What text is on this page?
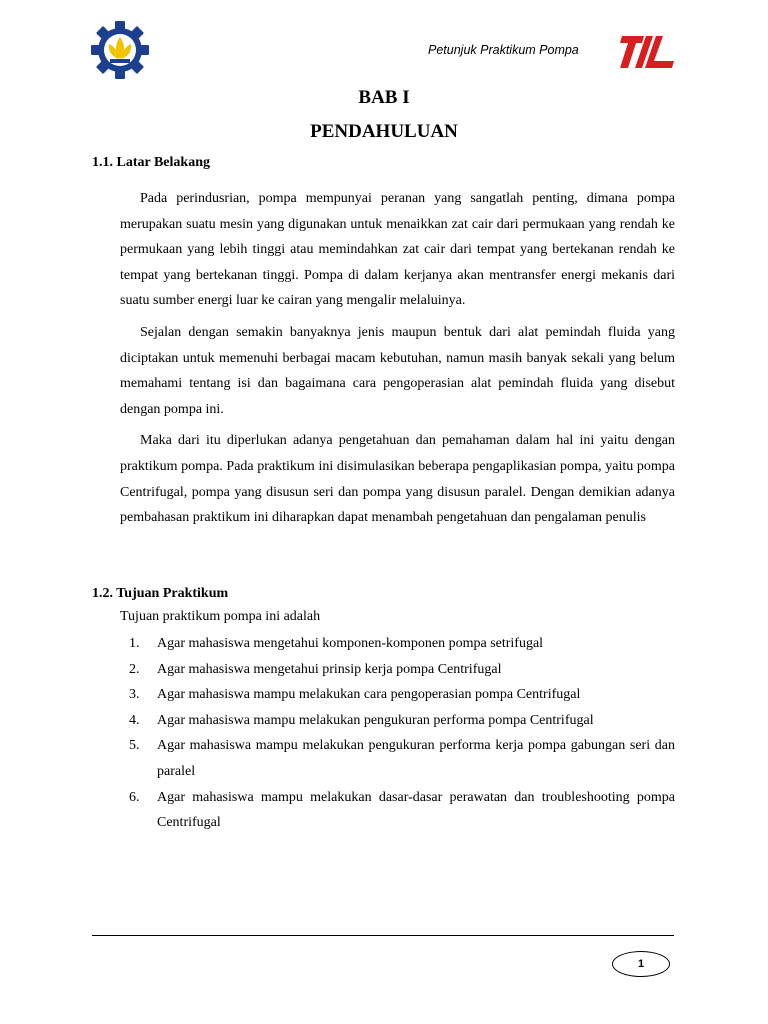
Petunjuk Praktikum Pompa
BAB I
PENDAHULUAN
1.1. Latar Belakang

Pada perindusrian, pompa mempunyai peranan yang sangatlah penting, dimana pompa merupakan suatu mesin yang digunakan untuk menaikkan zat cair dari permukaan yang rendah ke permukaan yang lebih tinggi atau memindahkan zat cair dari tempat yang bertekanan rendah ke tempat yang bertekanan tinggi. Pompa di dalam kerjanya akan mentransfer energi mekanis dari suatu sumber energi luar ke cairan yang mengalir melaluinya.

Sejalan dengan semakin banyaknya jenis maupun bentuk dari alat pemindah fluida yang diciptakan untuk memenuhi berbagai macam kebutuhan, namun masih banyak sekali yang belum memahami tentang isi dan bagaimana cara pengoperasian alat pemindah fluida yang disebut dengan pompa ini.

Maka dari itu diperlukan adanya pengetahuan dan pemahaman dalam hal ini yaitu dengan praktikum pompa. Pada praktikum ini disimulasikan beberapa pengaplikasian pompa, yaitu pompa Centrifugal, pompa yang disusun seri dan pompa yang disusun paralel. Dengan demikian adanya pembahasan praktikum ini diharapkan dapat menambah pengetahuan dan pengalaman penulis

1.2. Tujuan Praktikum
Tujuan praktikum pompa ini adalah
1. Agar mahasiswa mengetahui komponen-komponen pompa setrifugal
2. Agar mahasiswa mengetahui prinsip kerja pompa Centrifugal
3. Agar mahasiswa mampu melakukan cara pengoperasian pompa Centrifugal
4. Agar mahasiswa mampu melakukan pengukuran performa pompa Centrifugal
5. Agar mahasiswa mampu melakukan pengukuran performa kerja pompa gabungan seri dan paralel
6. Agar mahasiswa mampu melakukan dasar-dasar perawatan dan troubleshooting pompa Centrifugal
1
